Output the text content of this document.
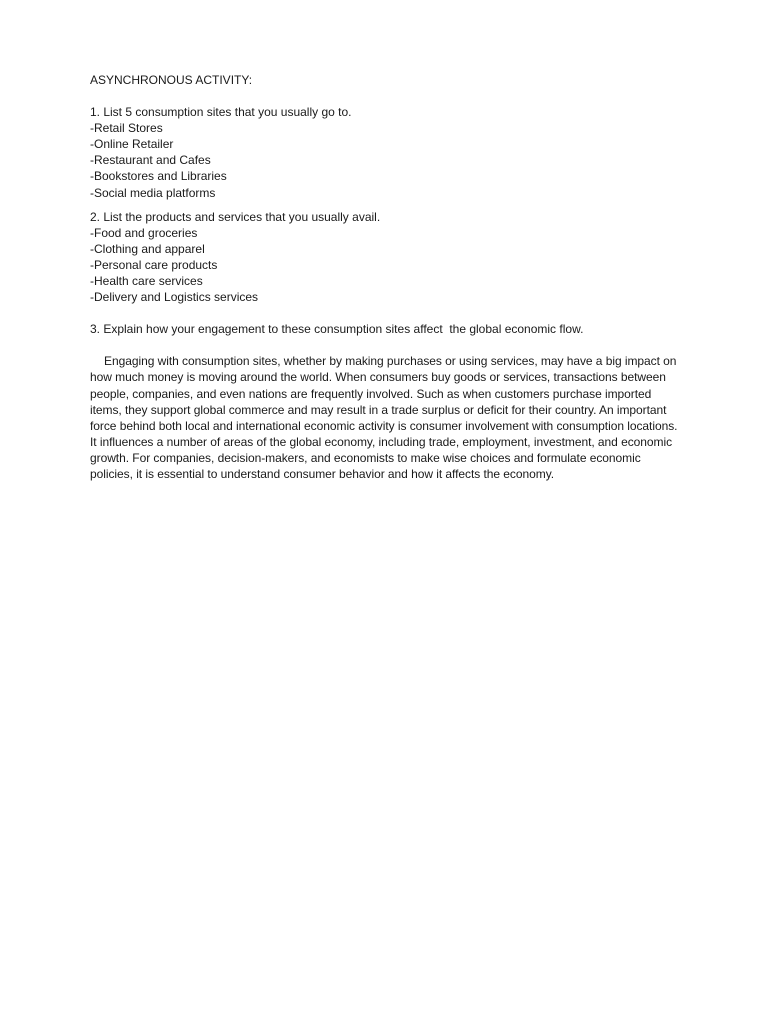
ASYNCHRONOUS ACTIVITY:
1. List 5 consumption sites that you usually go to.
-Retail Stores
-Online Retailer
-Restaurant and Cafes
-Bookstores and Libraries
-Social media platforms
2. List the products and services that you usually avail.
-Food and groceries
-Clothing and apparel
-Personal care products
-Health care services
-Delivery and Logistics services
3. Explain how your engagement to these consumption sites affect  the global economic flow.
Engaging with consumption sites, whether by making purchases or using services, may have a big impact on how much money is moving around the world. When consumers buy goods or services, transactions between people, companies, and even nations are frequently involved. Such as when customers purchase imported items, they support global commerce and may result in a trade surplus or deficit for their country. An important force behind both local and international economic activity is consumer involvement with consumption locations. It influences a number of areas of the global economy, including trade, employment, investment, and economic growth. For companies, decision-makers, and economists to make wise choices and formulate economic policies, it is essential to understand consumer behavior and how it affects the economy.
